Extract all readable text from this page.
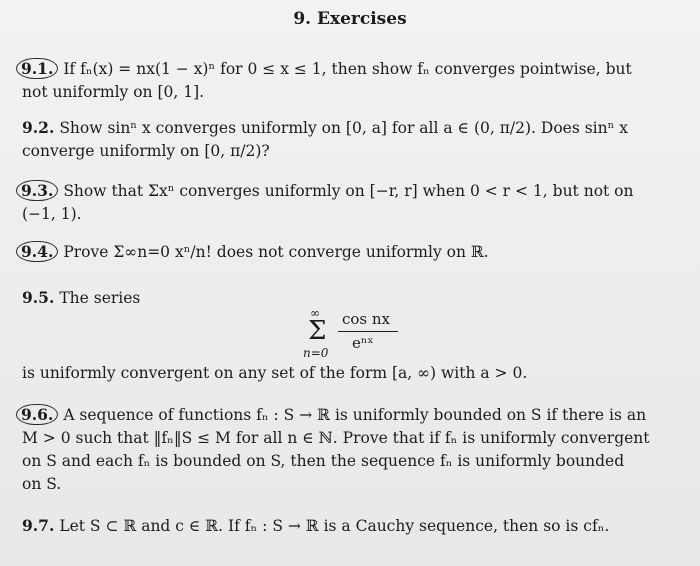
9. Exercises
9.1. If fₙ(x) = nx(1 − x)ⁿ for 0 ≤ x ≤ 1, then show fₙ converges pointwise, but
not uniformly on [0, 1].
9.2. Show sinⁿ x converges uniformly on [0, a] for all a ∈ (0, π/2). Does sinⁿ x
converge uniformly on [0, π/2)?
9.3. Show that Σxⁿ converges uniformly on [−r, r] when 0 < r < 1, but not on
(−1, 1).
9.4. Prove Σ∞n=0 xⁿ/n! does not converge uniformly on ℝ.
9.5. The series
∞
Σ
n=0
cos nx
eⁿˣ
is uniformly convergent on any set of the form [a, ∞) with a > 0.
9.6. A sequence of functions fₙ : S → ℝ is uniformly bounded on S if there is an
M > 0 such that ‖fₙ‖S ≤ M for all n ∈ ℕ. Prove that if fₙ is uniformly convergent
on S and each fₙ is bounded on S, then the sequence fₙ is uniformly bounded
on S.
9.7. Let S ⊂ ℝ and c ∈ ℝ. If fₙ : S → ℝ is a Cauchy sequence, then so is cfₙ.
